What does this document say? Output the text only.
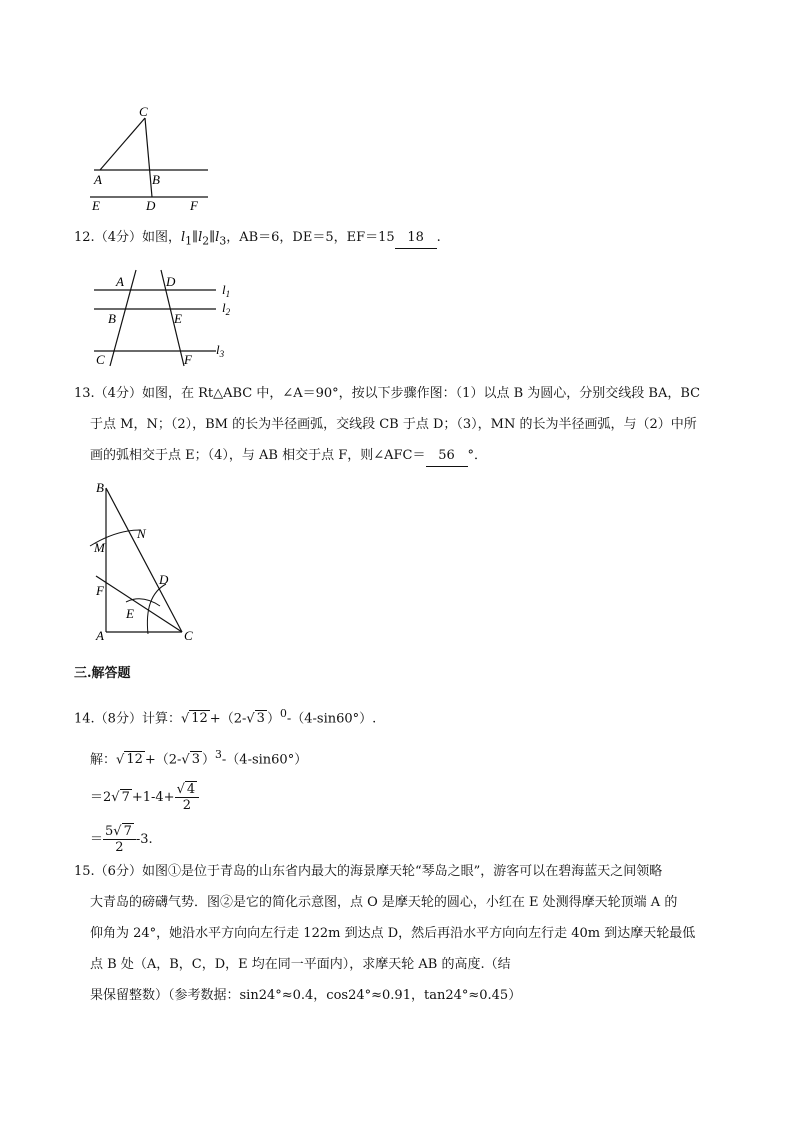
C
A	B
E	D	F
12.（4分）如图，$l_1\parallel l_2\parallel l_3$，AB＝6，DE＝5，EF＝15 18 .
A	D
B	E
C	F
$l_1$
$l_2$
$l_3$
13.（4分）如图，在 Rt△ABC 中，∠A＝90°，按以下步骤作图：（1）以点 B 为圆心，分别交线段 BA，BC
于点 M，N；（2），BM 的长为半径画弧，交线段 CB 于点 D；（3），MN 的长为半径画弧，与（2）中所
画的弧相交于点 E；（4），与 AB 相交于点 F，则∠AFC＝ 56 °．
B
N
M
D
F
E
A	C
三.解答题
14.（8分）计算：√ 12 +（2-√ 3 ）$^0$-（4-sin60°）.
解：√ 12 +（2-√ 3 ）$^3$-（4-sin60°）
＝2√ $7 +1-4+ \frac{√ 4}{2}$
＝ $\frac{5√ 7}{2} -3$.
15.（6分）如图①是位于青岛的山东省内最大的海景摩天轮“琴岛之眼”，游客可以在碧海蓝天之间领略
大青岛的磅礴气势．图②是它的简化示意图，点 O 是摩天轮的圆心，小红在 E 处测得摩天轮顶端 A 的
仰角为 24°，她沿水平方向向左行走 122m 到达点 D，然后再沿水平方向向左行走 40m 到达摩天轮最低
点 B 处（A，B，C，D，E 均在同一平面内），求摩天轮 AB 的高度.（结
果保留整数）（参考数据：sin24°≈0.4，cos24°≈0.91，tan24°≈0.45）
